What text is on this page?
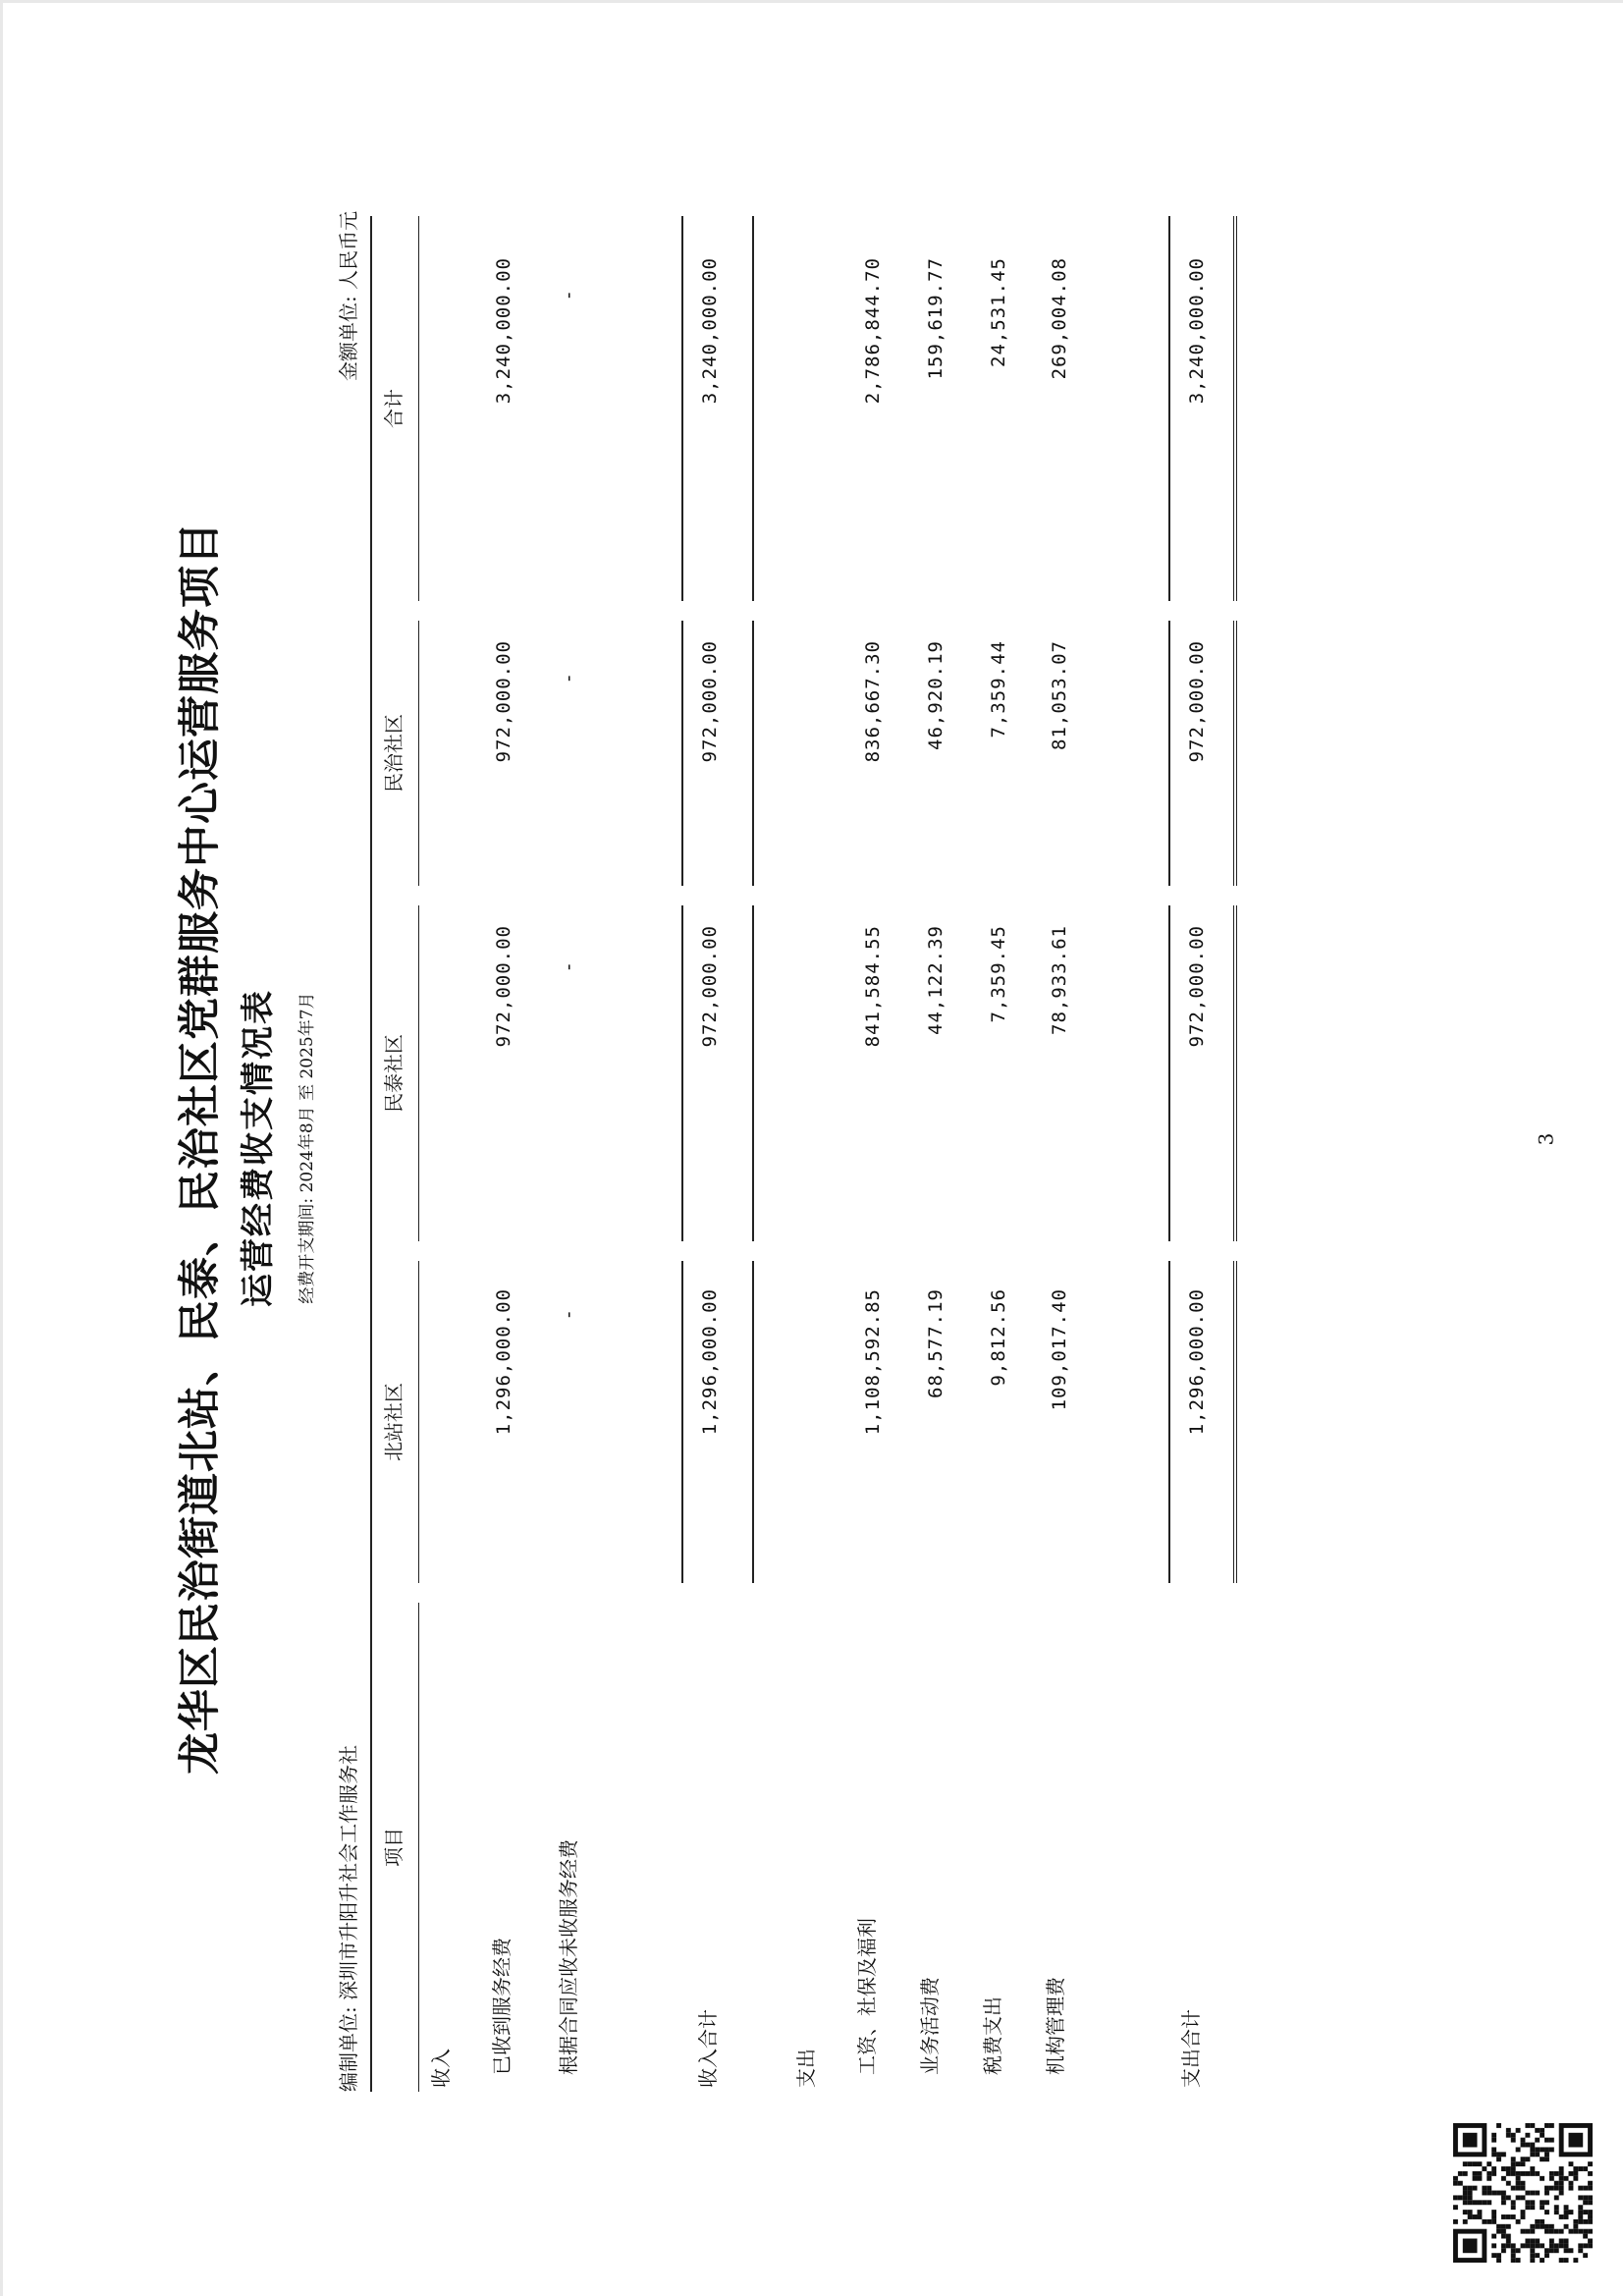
龙华区民治街道北站、民泰、民治社区党群服务中心运营服务项目 运营经费收支情况表 经费开支期间: 2024年8月 至 2025年7月
编制单位: 深圳市升阳升社会工作服务社
金额单位: 人民币元
项目
北站社区
民泰社区
民治社区
合计
收入 已收到服务经费
1,296,000.00
972,000.00
972,000.00
3,240,000.00
根据合同应收未收服务经费
-
-
-
-
收入合计
1,296,000.00
972,000.00
972,000.00
3,240,000.00
支出 工资、社保及福利
1,108,592.85
841,584.55
836,667.30
2,786,844.70
业务活动费
68,577.19
44,122.39
46,920.19
159,619.77
税费支出
9,812.56
7,359.45
7,359.44
24,531.45
机构管理费
109,017.40
78,933.61
81,053.07
269,004.08
支出合计
1,296,000.00
972,000.00
972,000.00
3,240,000.00
3
